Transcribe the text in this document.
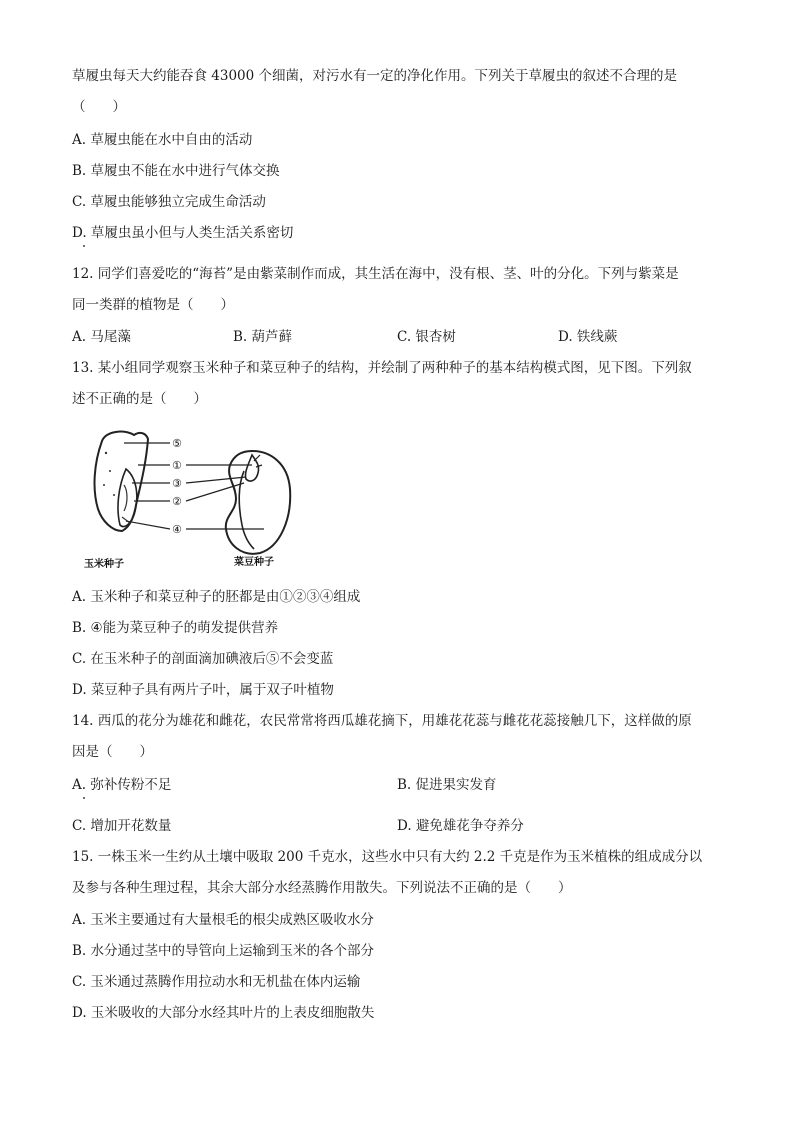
草履虫每天大约能吞食 43000 个细菌，对污水有一定的净化作用。下列关于草履虫的叙述不合理的是
（　　）
A. 草履虫能在水中自由的活动
B. 草履虫不能在水中进行气体交换
C. 草履虫能够独立完成生命活动
D. 草履虫虽小但与人类生活关系密切
12. 同学们喜爱吃的“海苔”是由紫菜制作而成，其生活在海中，没有根、茎、叶的分化。下列与紫菜是
同一类群的植物是（　　）
A. 马尾藻	B. 葫芦藓	C. 银杏树	D. 铁线蕨
13. 某小组同学观察玉米种子和菜豆种子的结构，并绘制了两种种子的基本结构模式图，见下图。下列叙
述不正确的是（　　）
⑤
①
③
②
④
玉米种子	菜豆种子
A. 玉米种子和菜豆种子的胚都是由①②③④组成
B. ④能为菜豆种子的萌发提供营养
C. 在玉米种子的剖面滴加碘液后⑤不会变蓝
D. 菜豆种子具有两片子叶，属于双子叶植物
14. 西瓜的花分为雄花和雌花，农民常常将西瓜雄花摘下，用雄花花蕊与雌花花蕊接触几下，这样做的原
因是（　　）
A. 弥补传粉不足	B. 促进果实发育
C. 增加开花数量	D. 避免雄花争夺养分
15. 一株玉米一生约从土壤中吸取 200 千克水，这些水中只有大约 2.2 千克是作为玉米植株的组成成分以
及参与各种生理过程，其余大部分水经蒸腾作用散失。下列说法不正确的是（　　）
A. 玉米主要通过有大量根毛的根尖成熟区吸收水分
B. 水分通过茎中的导管向上运输到玉米的各个部分
C. 玉米通过蒸腾作用拉动水和无机盐在体内运输
D. 玉米吸收的大部分水经其叶片的上表皮细胞散失
